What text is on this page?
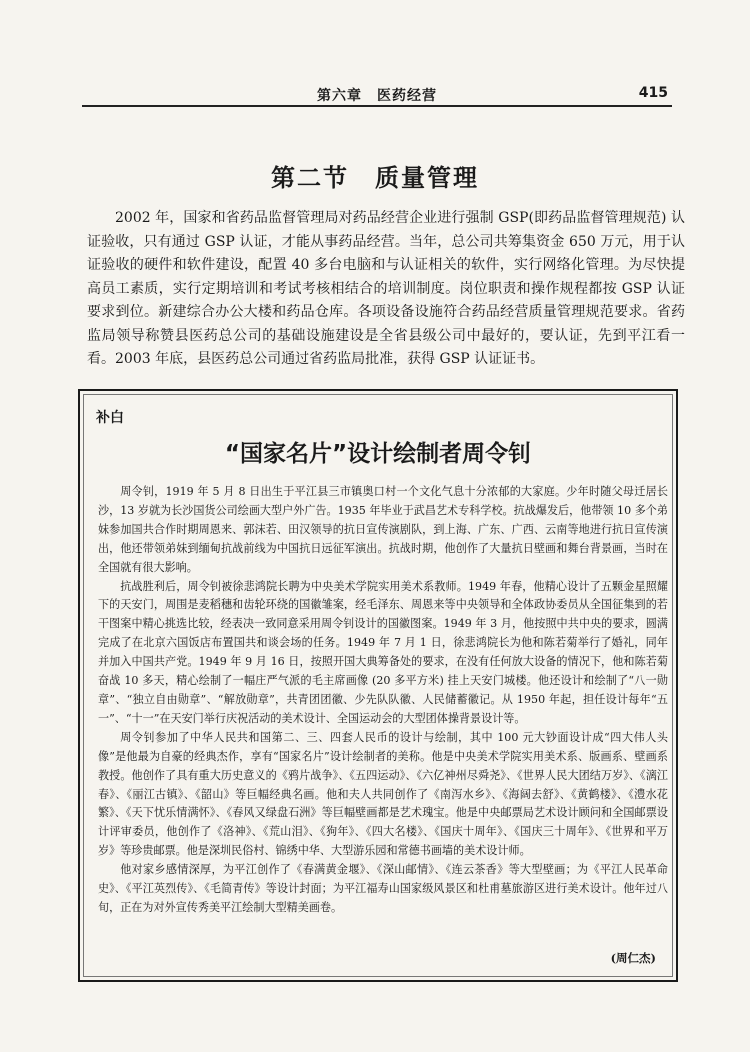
第六章　医药经营	415
第二节　质量管理

2002 年，国家和省药品监督管理局对药品经营企业进行强制 GSP(即药品监督管理规范) 认证验收，只有通过 GSP 认证，才能从事药品经营。当年，总公司共筹集资金 650 万元，用于认证验收的硬件和软件建设，配置 40 多台电脑和与认证相关的软件，实行网络化管理。为尽快提高员工素质，实行定期培训和考试考核相结合的培训制度。岗位职责和操作规程都按 GSP 认证要求到位。新建综合办公大楼和药品仓库。各项设备设施符合药品经营质量管理规范要求。省药监局领导称赞县医药总公司的基础设施建设是全省县级公司中最好的，要认证，先到平江看一看。2003 年底，县医药总公司通过省药监局批准，获得 GSP 认证证书。

补白
“国家名片”设计绘制者周令钊

周令钊，1919 年 5 月 8 日出生于平江县三市镇奥口村一个文化气息十分浓郁的大家庭。少年时随父母迁居长沙，13 岁就为长沙国货公司绘画大型户外广告。1935 年毕业于武昌艺术专科学校。抗战爆发后，他带领 10 多个弟妹参加国共合作时期周恩来、郭沫若、田汉领导的抗日宣传演剧队，到上海、广东、广西、云南等地进行抗日宣传演出，他还带领弟妹到缅甸抗战前线为中国抗日远征军演出。抗战时期，他创作了大量抗日壁画和舞台背景画，当时在全国就有很大影响。

抗战胜利后，周令钊被徐悲鸿院长聘为中央美术学院实用美术系教师。1949 年春，他精心设计了五颗金星照耀下的天安门，周围是麦稻穗和齿轮环绕的国徽雏案，经毛泽东、周恩来等中央领导和全体政协委员从全国征集到的若干图案中精心挑选比较，经表决一致同意采用周令钊设计的国徽图案。1949 年 3 月，他按照中共中央的要求，圆满完成了在北京六国饭店布置国共和谈会场的任务。1949 年 7 月 1 日，徐悲鸿院长为他和陈若菊举行了婚礼，同年并加入中国共产党。1949 年 9 月 16 日，按照开国大典筹备处的要求，在没有任何放大设备的情况下，他和陈若菊奋战 10 多天，精心绘制了一幅庄严气派的毛主席画像 (20 多平方米) 挂上天安门城楼。他还设计和绘制了“八一勋章”、“独立自由勋章”、“解放勋章”，共青团团徽、少先队队徽、人民储蓄徽记。从 1950 年起，担任设计每年“五一”、“十一”在天安门举行庆祝活动的美术设计、全国运动会的大型团体操背景设计等。

周令钊参加了中华人民共和国第二、三、四套人民币的设计与绘制，其中 100 元大钞面设计成“四大伟人头像”是他最为自豪的经典杰作，享有“国家名片”设计绘制者的美称。他是中央美术学院实用美术系、版画系、壁画系教授。他创作了具有重大历史意义的《鸦片战争》、《五四运动》、《六亿神州尽舜尧》、《世界人民大团结万岁》、《漓江春》、《丽江古镇》、《韶山》等巨幅经典名画。他和夫人共同创作了《南泻水乡》、《海阔去舒》、《黄鹤楼》、《澧水花繁》、《天下忧乐情满怀》、《春风又绿盘石洲》等巨幅壁画都是艺术瑰宝。他是中央邮票局艺术设计顾问和全国邮票设计评审委员，他创作了《洛神》、《荒山泪》、《狗年》、《四大名楼》、《国庆十周年》、《国庆三十周年》、《世界和平万岁》等珍贵邮票。他是深圳民俗村、锦绣中华、大型游乐园和常德书画墙的美术设计师。

他对家乡感情深厚，为平江创作了《春满黄金堰》、《深山邮情》、《连云茶香》等大型壁画；为《平江人民革命史》、《平江英烈传》、《毛简青传》等设计封面；为平江福寿山国家级风景区和杜甫墓旅游区进行美术设计。他年过八旬，正在为对外宣传秀美平江绘制大型精美画卷。

(周仁杰)
